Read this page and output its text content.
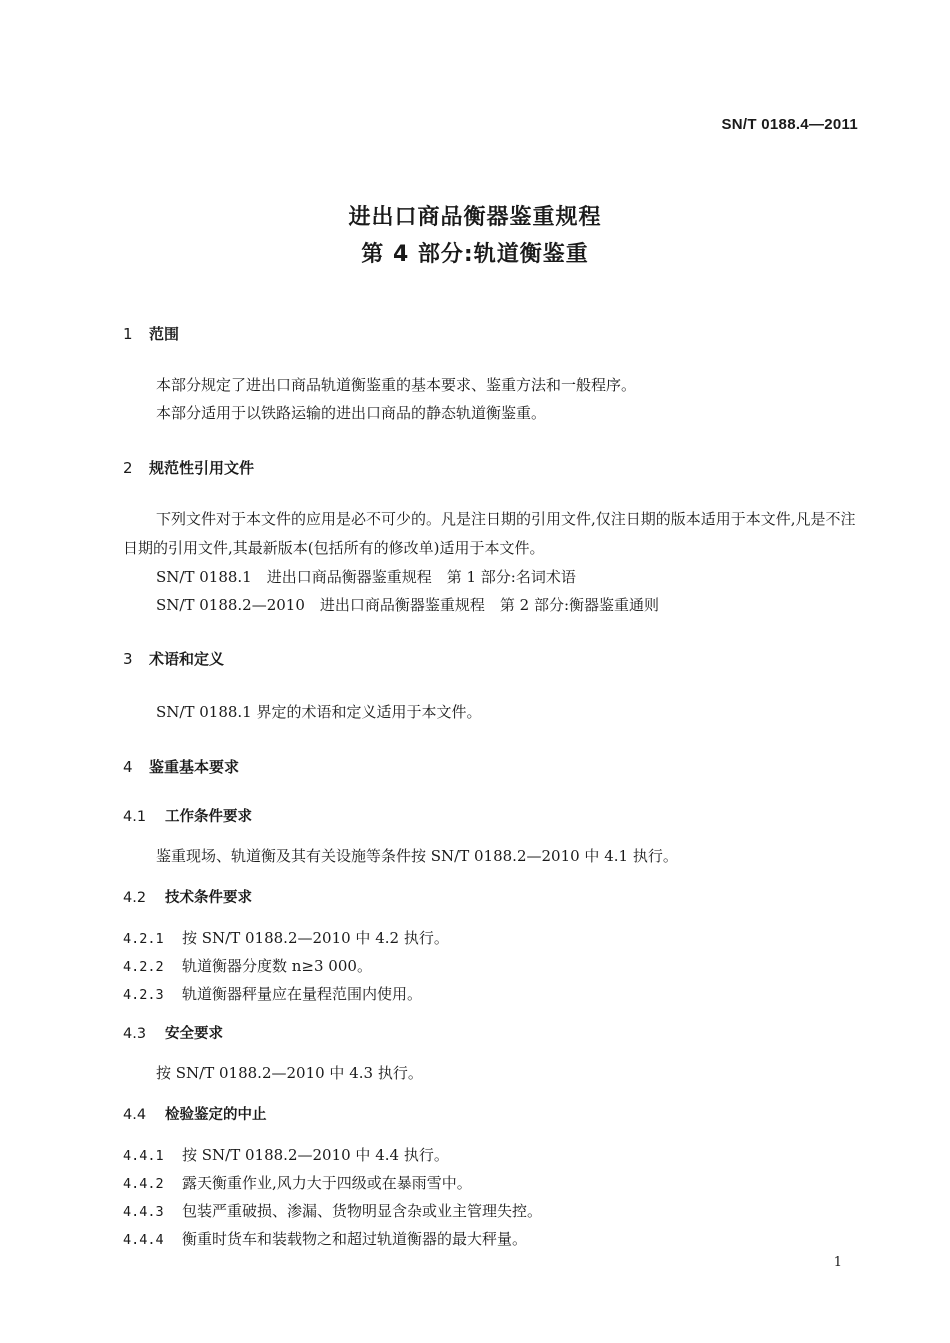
SN/T 0188.4—2011
进出口商品衡器鉴重规程
第 4 部分:轨道衡鉴重
1 范围
本部分规定了进出口商品轨道衡鉴重的基本要求、鉴重方法和一般程序。
本部分适用于以铁路运输的进出口商品的静态轨道衡鉴重。
2 规范性引用文件
下列文件对于本文件的应用是必不可少的。凡是注日期的引用文件,仅注日期的版本适用于本文件,凡是不注日期的引用文件,其最新版本(包括所有的修改单)适用于本文件。
SN/T 0188.1　进出口商品衡器鉴重规程　第 1 部分:名词术语
SN/T 0188.2—2010　进出口商品衡器鉴重规程　第 2 部分:衡器鉴重通则
3 术语和定义
SN/T 0188.1 界定的术语和定义适用于本文件。
4 鉴重基本要求
4.1 工作条件要求
鉴重现场、轨道衡及其有关设施等条件按 SN/T 0188.2—2010 中 4.1 执行。
4.2 技术条件要求
4.2.1 按 SN/T 0188.2—2010 中 4.2 执行。
4.2.2 轨道衡器分度数 n≥3 000。
4.2.3 轨道衡器秤量应在量程范围内使用。
4.3 安全要求
按 SN/T 0188.2—2010 中 4.3 执行。
4.4 检验鉴定的中止
4.4.1 按 SN/T 0188.2—2010 中 4.4 执行。
4.4.2 露天衡重作业,风力大于四级或在暴雨雪中。
4.4.3 包装严重破损、渗漏、货物明显含杂或业主管理失控。
4.4.4 衡重时货车和装载物之和超过轨道衡器的最大秤量。
1
